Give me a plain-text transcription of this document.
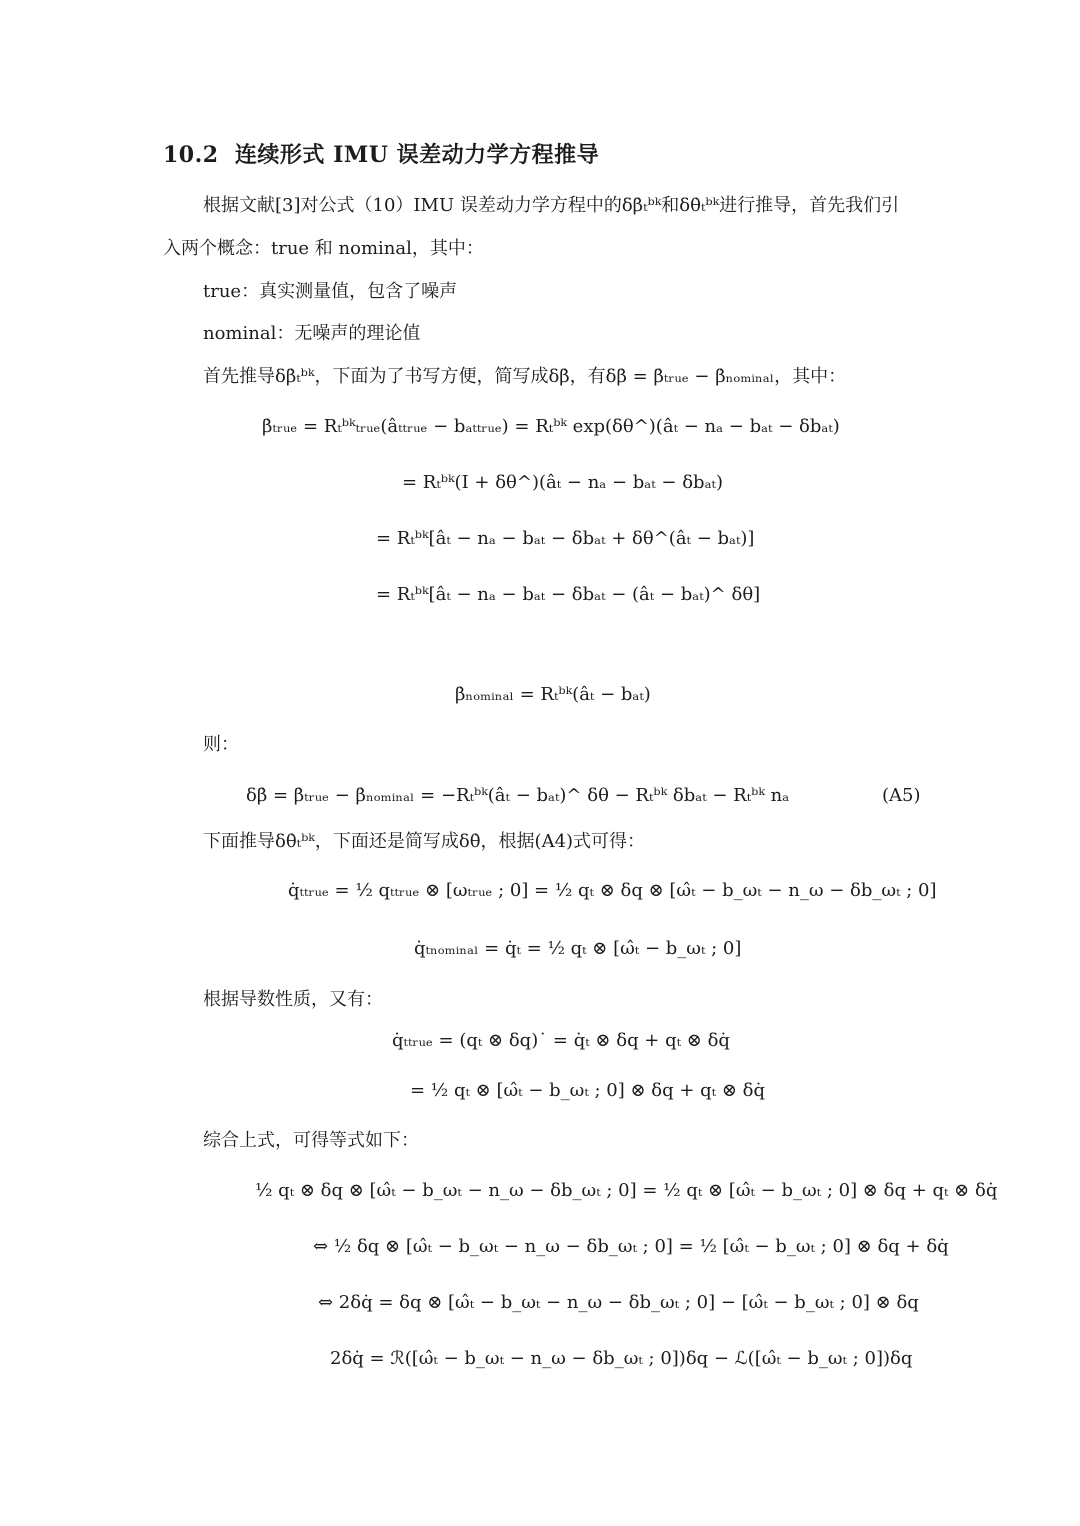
10.2 连续形式 IMU 误差动力学方程推导
根据文献[3]对公式（10）IMU 误差动力学方程中的δβ̇ₜᵇᵏ和δθ̇ₜᵇᵏ进行推导，首先我们引
入两个概念：true 和 nominal，其中：
true：真实测量值，包含了噪声
nominal：无噪声的理论值
首先推导δβ̇ₜᵇᵏ，下面为了书写方便，简写成δβ̇，有δβ̇ = β̇ₜᵣᵤₑ − β̇ₙₒₘᵢₙₐₗ，其中：
β̇ₜᵣᵤₑ = Rₜᵇᵏₜᵣᵤₑ(âₜₜᵣᵤₑ − bₐₜₜᵣᵤₑ) = Rₜᵇᵏ exp(δθ^)(âₜ − nₐ − bₐₜ − δbₐₜ)
= Rₜᵇᵏ(I + δθ^)(âₜ − nₐ − bₐₜ − δbₐₜ)
= Rₜᵇᵏ[âₜ − nₐ − bₐₜ − δbₐₜ + δθ^(âₜ − bₐₜ)]
= Rₜᵇᵏ[âₜ − nₐ − bₐₜ − δbₐₜ − (âₜ − bₐₜ)^ δθ]
β̇ₙₒₘᵢₙₐₗ = Rₜᵇᵏ(âₜ − bₐₜ)
则：
δβ̇ = β̇ₜᵣᵤₑ − β̇ₙₒₘᵢₙₐₗ = −Rₜᵇᵏ(âₜ − bₐₜ)^ δθ − Rₜᵇᵏ δbₐₜ − Rₜᵇᵏ nₐ	(A5)
下面推导δθ̇ₜᵇᵏ，下面还是简写成δθ̇，根据(A4)式可得：
q̇ₜₜᵣᵤₑ = ½ qₜₜᵣᵤₑ ⊗ [ωₜᵣᵤₑ ; 0] = ½ qₜ ⊗ δq ⊗ [ω̂ₜ − b_ωₜ − n_ω − δb_ωₜ ; 0]
q̇ₜₙₒₘᵢₙₐₗ = q̇ₜ = ½ qₜ ⊗ [ω̂ₜ − b_ωₜ ; 0]
根据导数性质，又有：
q̇ₜₜᵣᵤₑ = (qₜ ⊗ δq)˙ = q̇ₜ ⊗ δq + qₜ ⊗ δq̇
= ½ qₜ ⊗ [ω̂ₜ − b_ωₜ ; 0] ⊗ δq + qₜ ⊗ δq̇
综合上式，可得等式如下：
½ qₜ ⊗ δq ⊗ [ω̂ₜ − b_ωₜ − n_ω − δb_ωₜ ; 0] = ½ qₜ ⊗ [ω̂ₜ − b_ωₜ ; 0] ⊗ δq + qₜ ⊗ δq̇
⇔ ½ δq ⊗ [ω̂ₜ − b_ωₜ − n_ω − δb_ωₜ ; 0] = ½ [ω̂ₜ − b_ωₜ ; 0] ⊗ δq + δq̇
⇔ 2δq̇ = δq ⊗ [ω̂ₜ − b_ωₜ − n_ω − δb_ωₜ ; 0] − [ω̂ₜ − b_ωₜ ; 0] ⊗ δq
2δq̇ = ℛ([ω̂ₜ − b_ωₜ − n_ω − δb_ωₜ ; 0])δq − ℒ([ω̂ₜ − b_ωₜ ; 0])δq
